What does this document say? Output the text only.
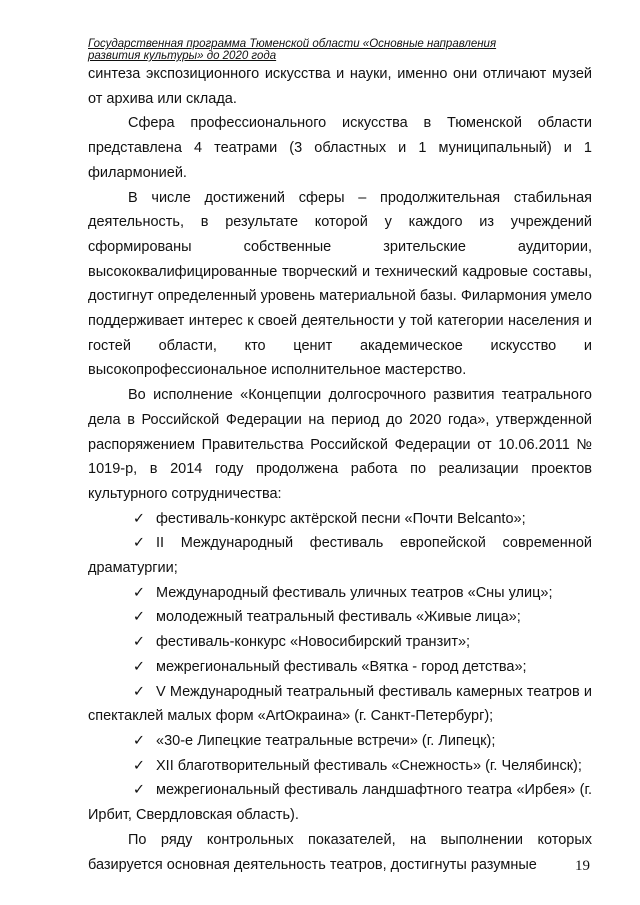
Государственная программа Тюменской области «Основные направления
развития культуры» до 2020 года

синтеза экспозиционного искусства и науки, именно они отличают музей от архива или склада.

Сфера профессионального искусства в Тюменской области представлена 4 театрами (3 областных и 1 муниципальный) и 1 филармонией.

В числе достижений сферы – продолжительная стабильная деятельность, в результате которой у каждого из учреждений сформированы собственные зрительские аудитории, высококвалифицированные творческий и технический кадровые составы, достигнут определенный уровень материальной базы. Филармония умело поддерживает интерес к своей деятельности у той категории населения и гостей области, кто ценит академическое искусство и высокопрофессиональное исполнительное мастерство.

Во исполнение «Концепции долгосрочного развития театрального дела в Российской Федерации на период до 2020 года», утвержденной распоряжением Правительства Российской Федерации от 10.06.2011 № 1019-р, в 2014 году продолжена работа по реализации проектов культурного сотрудничества:

✓ фестиваль-конкурс актёрской песни «Почти Belcanto»;

✓ II Международный фестиваль европейской современной драматургии;

✓ Международный фестиваль уличных театров «Сны улиц»;

✓ молодежный театральный фестиваль «Живые лица»;

✓ фестиваль-конкурс «Новосибирский транзит»;

✓ межрегиональный фестиваль «Вятка - город детства»;

✓ V Международный театральный фестиваль камерных театров и спектаклей малых форм «ArtОкраина» (г. Санкт-Петербург);

✓ «30-е Липецкие театральные встречи» (г. Липецк);

✓ XII благотворительный фестиваль «Снежность» (г. Челябинск);

✓ межрегиональный фестиваль ландшафтного театра «Ирбея» (г. Ирбит, Свердловская область).

По ряду контрольных показателей, на выполнении которых базируется основная деятельность театров, достигнуты разумные	19
